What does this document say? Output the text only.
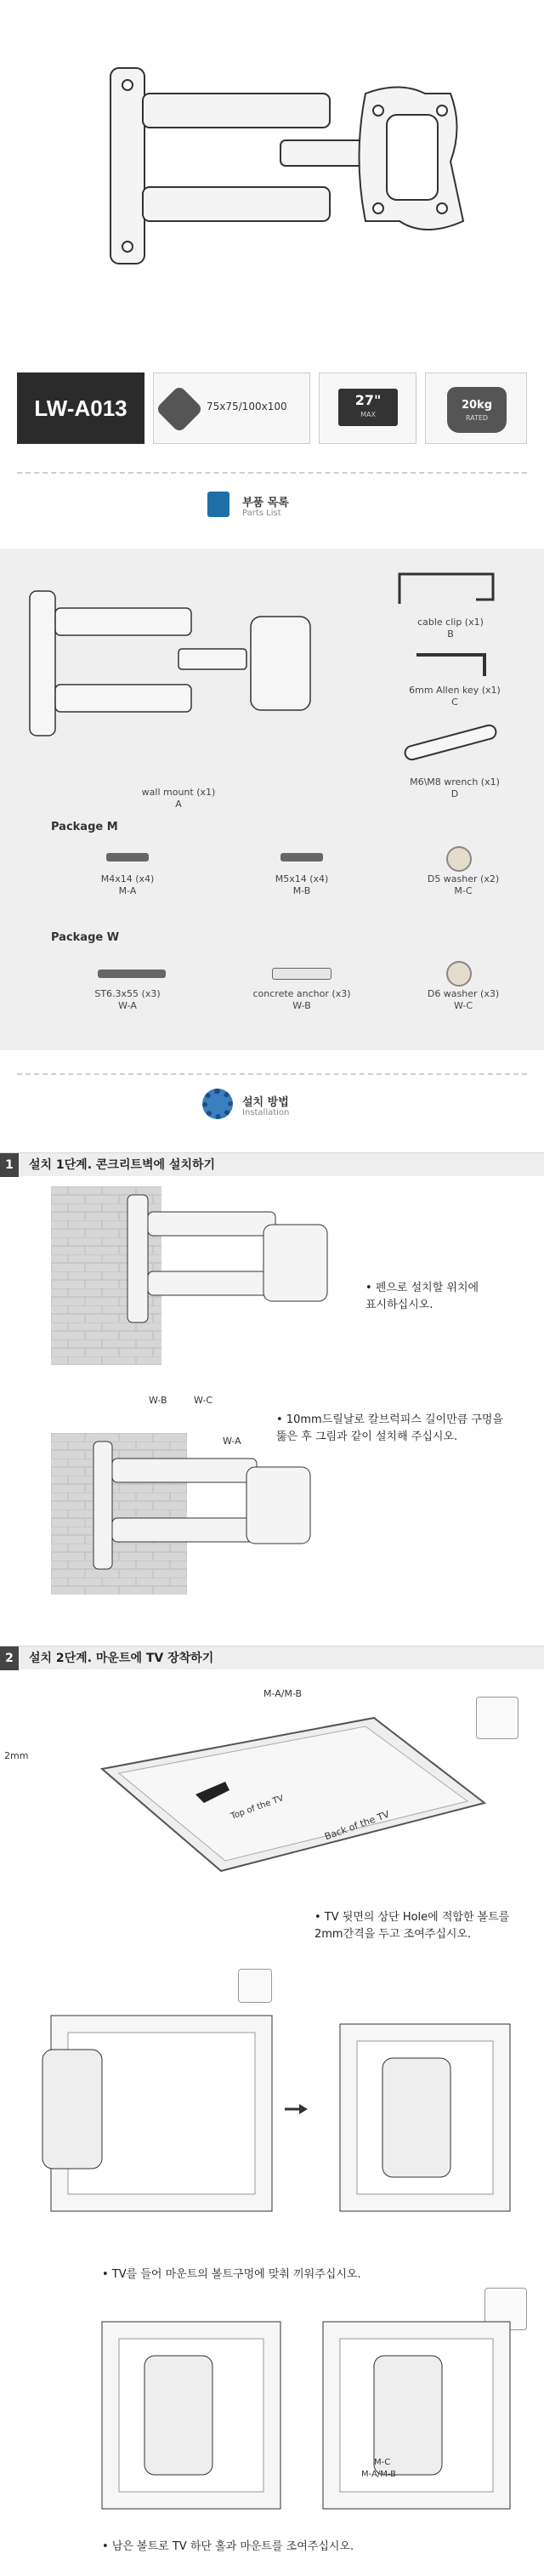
LW-A013	75x75/100x100	27"
MAX
20kg
RATED
부품 목록
Parts List
wall mount (x1)
A
cable clip (x1)
B
6mm Allen key (x1)
C
M6\M8 wrench (x1)
D
Package M
M4x14 (x4)
M-A
M5x14 (x4)
M-B
D5 washer (x2)
M-C
Package W
ST6.3x55 (x3)
W-A
concrete anchor (x3)
W-B
D6 washer (x3)
W-C
설치 방법
Installation
1	설치 1단계. 콘크리트벽에 설치하기
• 펜으로 설치할 위치에
표시하십시오.
W-B	W-C
W-A
• 10mm드릴날로 칼브럭피스 길이만큼 구멍을
뚫은 후 그림과 같이 설치해 주십시오.
2	설치 2단계. 마운트에 TV 장착하기
M-A/M-B
2mm
Top of the TV
Back of the TV
• TV 뒷면의 상단 Hole에 적합한 볼트를
2mm간격을 두고 조여주십시오.
• TV를 들어 마운트의 볼트구멍에 맞춰 끼워주십시오.
M-C
M-A/M-B
• 남은 볼트로 TV 하단 홀과 마운트를 조여주십시오.
